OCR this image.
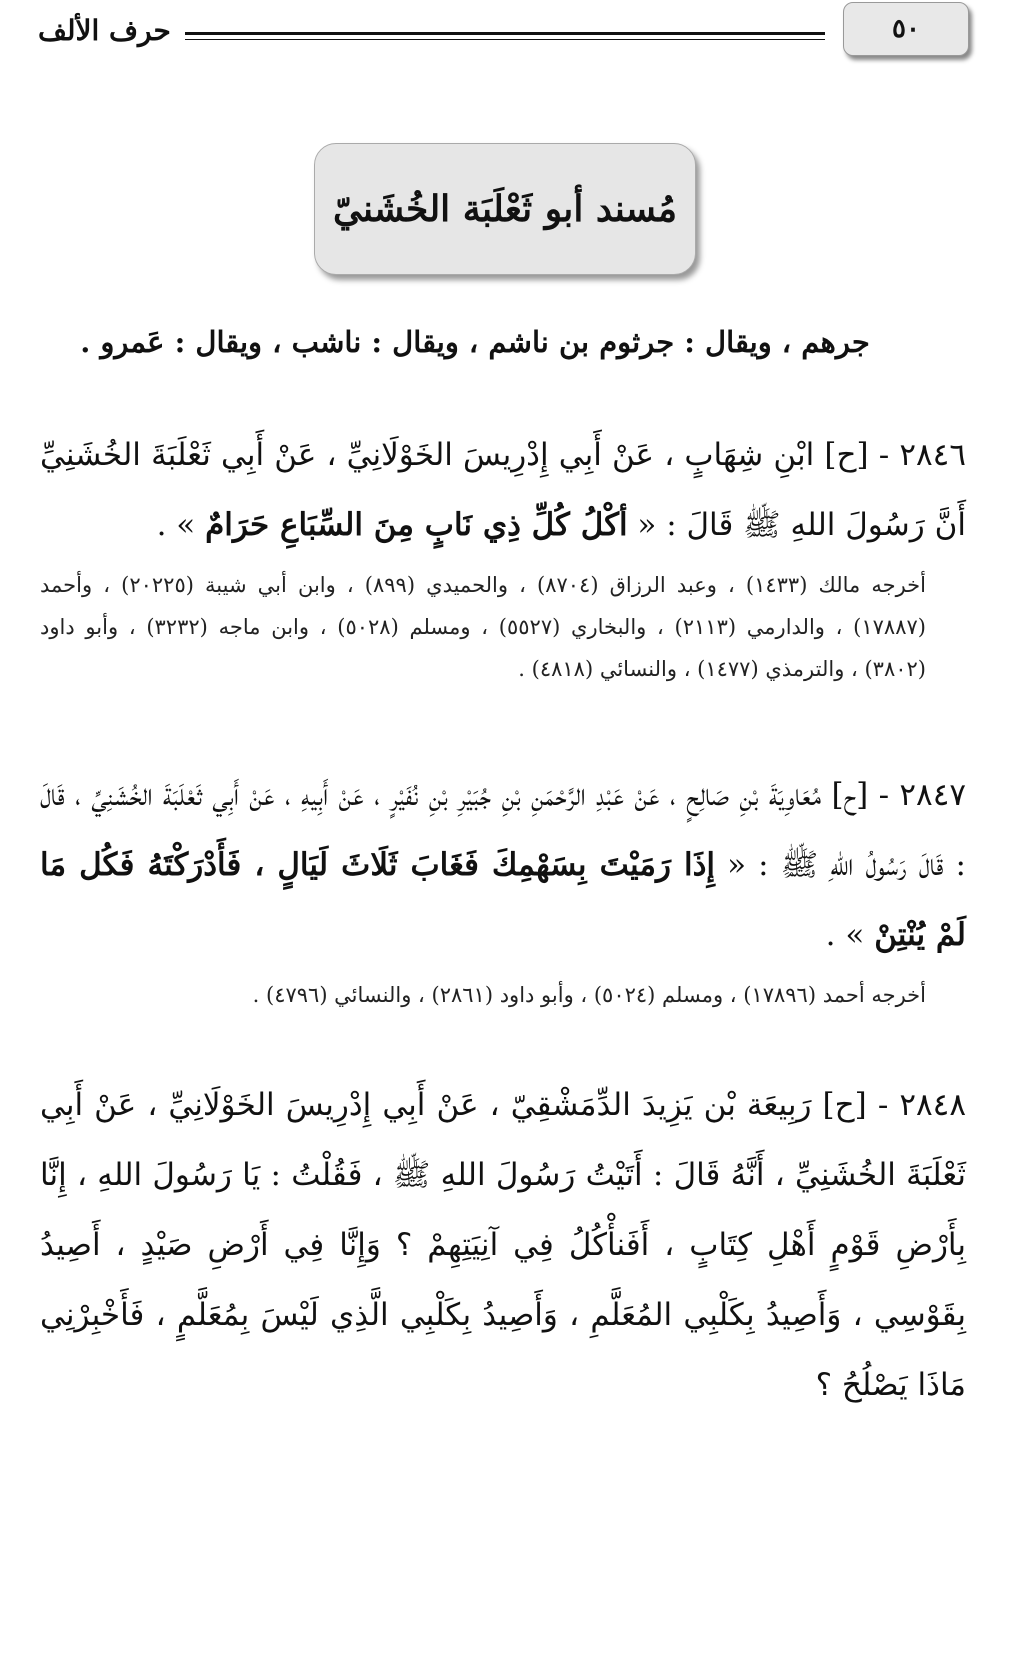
٥٠
حرف الألف
مُسند أبو ثَعْلَبَة الخُشَنيّ
جرهم ، ويقال : جرثوم بن ناشم ، ويقال : ناشب ، ويقال : عَمرو .
٢٨٤٦ - [ح] ابْنِ شِهَابٍ ، عَنْ أَبِي إِدْرِيسَ الخَوْلَانِيِّ ، عَنْ أَبِي ثَعْلَبَةَ الخُشَنِيِّ أَنَّ رَسُولَ اللهِ ﷺ قَالَ : « أكْلُ كُلِّ ذِي نَابٍ مِنَ السِّبَاعِ حَرَامٌ » .
أخرجه مالك (١٤٣٣) ، وعبد الرزاق (٨٧٠٤) ، والحميدي (٨٩٩) ، وابن أبي شيبة (٢٠٢٢٥) ، وأحمد (١٧٨٨٧) ، والدارمي (٢١١٣) ، والبخاري (٥٥٢٧) ، ومسلم (٥٠٢٨) ، وابن ماجه (٣٢٣٢) ، وأبو داود (٣٨٠٢) ، والترمذي (١٤٧٧) ، والنسائي (٤٨١٨) .
٢٨٤٧ - [ح] مُعَاوِيَةَ بْنِ صَالِحٍ ، عَنْ عَبْدِ الرَّحْمَنِ بْنِ جُبَيْرِ بْنِ نُفَيْرٍ ، عَنْ أَبِيهِ ، عَنْ أَبِي ثَعْلَبَةَ الخُشَنِيِّ ، قَالَ : قَالَ رَسُولُ اللهِ ﷺ : « إِذَا رَمَيْتَ بِسَهْمِكَ فَغَابَ ثَلَاثَ لَيَالٍ ، فَأَدْرَكْتَهُ فَكُل مَا لَمْ يُنْتِنْ » .
أخرجه أحمد (١٧٨٩٦) ، ومسلم (٥٠٢٤) ، وأبو داود (٢٨٦١) ، والنسائي (٤٧٩٦) .
٢٨٤٨ - [ح] رَبِيعَة بْن يَزِيدَ الدِّمَشْقِيّ ، عَنْ أَبِي إِدْرِيسَ الخَوْلَانِيِّ ، عَنْ أَبِي ثَعْلَبَةَ الخُشَنِيِّ ، أَنَّهُ قَالَ : أَتَيْتُ رَسُولَ اللهِ ﷺ ، فَقُلْتُ : يَا رَسُولَ اللهِ ، إِنَّا بِأَرْضِ قَوْمٍ أَهْلِ كِتَابٍ ، أَفَنأْكُلُ فِي آنِيَتِهِمْ ؟ وَإِنَّا فِي أَرْضِ صَيْدٍ ، أَصِيدُ بِقَوْسِي ، وَأَصِيدُ بِكَلْبِي المُعَلَّمِ ، وَأَصِيدُ بِكَلْبِي الَّذِي لَيْسَ بِمُعَلَّمٍ ، فَأَخْبِرْنِي مَاذَا يَصْلُحُ ؟
